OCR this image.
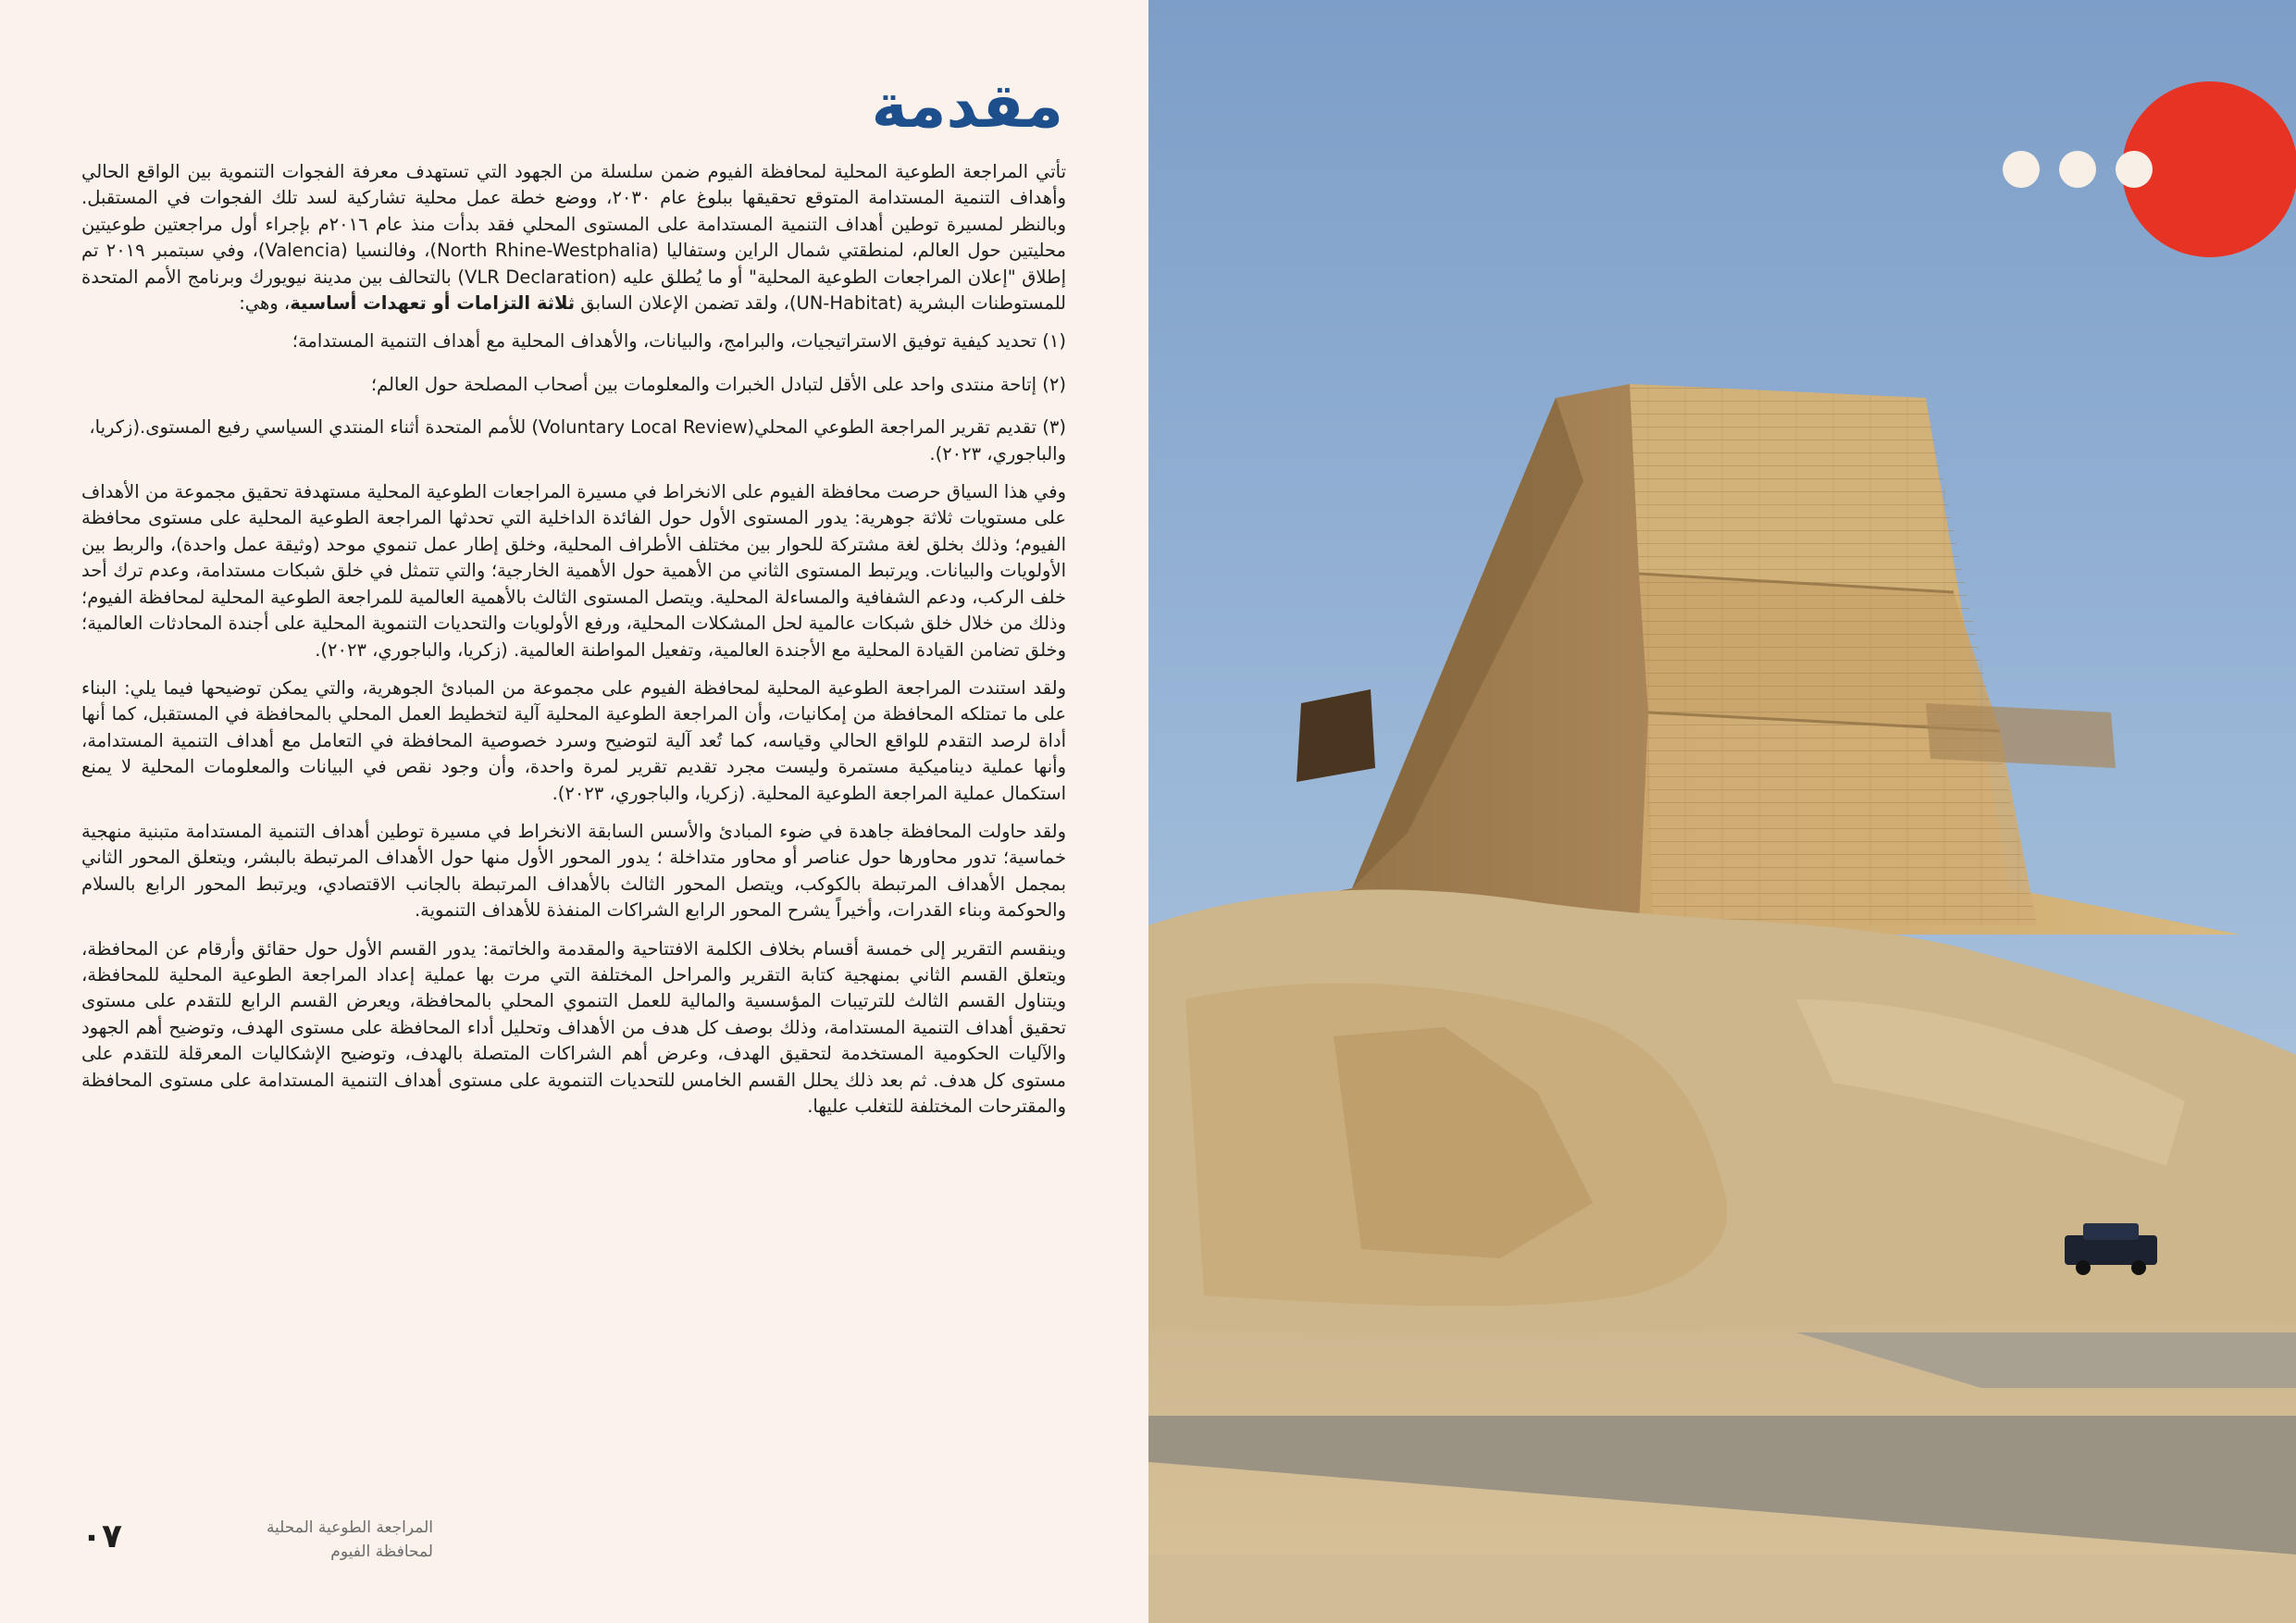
مقدمة

تأتي المراجعة الطوعية المحلية لمحافظة الفيوم ضمن سلسلة من الجهود التي تستهدف معرفة الفجوات التنموية بين الواقع الحالي وأهداف التنمية المستدامة المتوقع تحقيقها ببلوغ عام ٢٠٣٠، ووضع خطة عمل محلية تشاركية لسد تلك الفجوات في المستقبل. وبالنظر لمسيرة توطين أهداف التنمية المستدامة على المستوى المحلي فقد بدأت منذ عام ٢٠١٦م بإجراء أول مراجعتين طوعيتين محليتين حول العالم، لمنطقتي شمال الراين وستفاليا (North Rhine-Westphalia)، وفالنسيا (Valencia)، وفي سبتمبر ٢٠١٩ تم إطلاق "إعلان المراجعات الطوعية المحلية" أو ما يُطلق عليه (VLR Declaration) بالتحالف بين مدينة نيويورك وبرنامج الأمم المتحدة للمستوطنات البشرية (UN-Habitat)، ولقد تضمن الإعلان السابق ثلاثة التزامات أو تعهدات أساسية، وهي:

(١) تحديد كيفية توفيق الاستراتيجيات، والبرامج، والبيانات، والأهداف المحلية مع أهداف التنمية المستدامة؛

(٢) إتاحة منتدى واحد على الأقل لتبادل الخبرات والمعلومات بين أصحاب المصلحة حول العالم؛

(٣) تقديم تقرير المراجعة الطوعي المحلي(Voluntary Local Review) للأمم المتحدة أثناء المنتدي السياسي رفيع المستوى.(زكريا، والباجوري، ٢٠٢٣).

وفي هذا السياق حرصت محافظة الفيوم على الانخراط في مسيرة المراجعات الطوعية المحلية مستهدفة تحقيق مجموعة من الأهداف على مستويات ثلاثة جوهرية: يدور المستوى الأول حول الفائدة الداخلية التي تحدثها المراجعة الطوعية المحلية على مستوى محافظة الفيوم؛ وذلك بخلق لغة مشتركة للحوار بين مختلف الأطراف المحلية، وخلق إطار عمل تنموي موحد (وثيقة عمل واحدة)، والربط بين الأولويات والبيانات. ويرتبط المستوى الثاني من الأهمية حول الأهمية الخارجية؛ والتي تتمثل في خلق شبكات مستدامة، وعدم ترك أحد خلف الركب، ودعم الشفافية والمساءلة المحلية. ويتصل المستوى الثالث بالأهمية العالمية للمراجعة الطوعية المحلية لمحافظة الفيوم؛ وذلك من خلال خلق شبكات عالمية لحل المشكلات المحلية، ورفع الأولويات والتحديات التنموية المحلية على أجندة المحادثات العالمية؛ وخلق تضامن القيادة المحلية مع الأجندة العالمية، وتفعيل المواطنة العالمية. (زكريا، والباجوري، ٢٠٢٣).

ولقد استندت المراجعة الطوعية المحلية لمحافظة الفيوم على مجموعة من المبادئ الجوهرية، والتي يمكن توضيحها فيما يلي: البناء على ما تمتلكه المحافظة من إمكانيات، وأن المراجعة الطوعية المحلية آلية لتخطيط العمل المحلي بالمحافظة في المستقبل، كما أنها أداة لرصد التقدم للواقع الحالي وقياسه، كما تُعد آلية لتوضيح وسرد خصوصية المحافظة في التعامل مع أهداف التنمية المستدامة، وأنها عملية ديناميكية مستمرة وليست مجرد تقديم تقرير لمرة واحدة، وأن وجود نقص في البيانات والمعلومات المحلية لا يمنع استكمال عملية المراجعة الطوعية المحلية. (زكريا، والباجوري، ٢٠٢٣).

ولقد حاولت المحافظة جاهدة في ضوء المبادئ والأسس السابقة الانخراط في مسيرة توطين أهداف التنمية المستدامة متبنية منهجية خماسية؛ تدور محاورها حول عناصر أو محاور متداخلة ؛ يدور المحور الأول منها حول الأهداف المرتبطة بالبشر، ويتعلق المحور الثاني بمجمل الأهداف المرتبطة بالكوكب، ويتصل المحور الثالث بالأهداف المرتبطة بالجانب الاقتصادي، ويرتبط المحور الرابع بالسلام والحوكمة وبناء القدرات، وأخيراً يشرح المحور الرابع الشراكات المنفذة للأهداف التنموية.

وينقسم التقرير إلى خمسة أقسام بخلاف الكلمة الافتتاحية والمقدمة والخاتمة: يدور القسم الأول حول حقائق وأرقام عن المحافظة، ويتعلق القسم الثاني بمنهجية كتابة التقرير والمراحل المختلفة التي مرت بها عملية إعداد المراجعة الطوعية المحلية للمحافظة، ويتناول القسم الثالث للترتيبات المؤسسية والمالية للعمل التنموي المحلي بالمحافظة، ويعرض القسم الرابع للتقدم على مستوى تحقيق أهداف التنمية المستدامة، وذلك بوصف كل هدف من الأهداف وتحليل أداء المحافظة على مستوى الهدف، وتوضيح أهم الجهود والآليات الحكومية المستخدمة لتحقيق الهدف، وعرض أهم الشراكات المتصلة بالهدف، وتوضيح الإشكاليات المعرقلة للتقدم على مستوى كل هدف. ثم بعد ذلك يحلل القسم الخامس للتحديات التنموية على مستوى أهداف التنمية المستدامة على مستوى المحافظة والمقترحات المختلفة للتغلب عليها.

٠٧	المراجعة الطوعية المحلية
لمحافظة الفيوم
